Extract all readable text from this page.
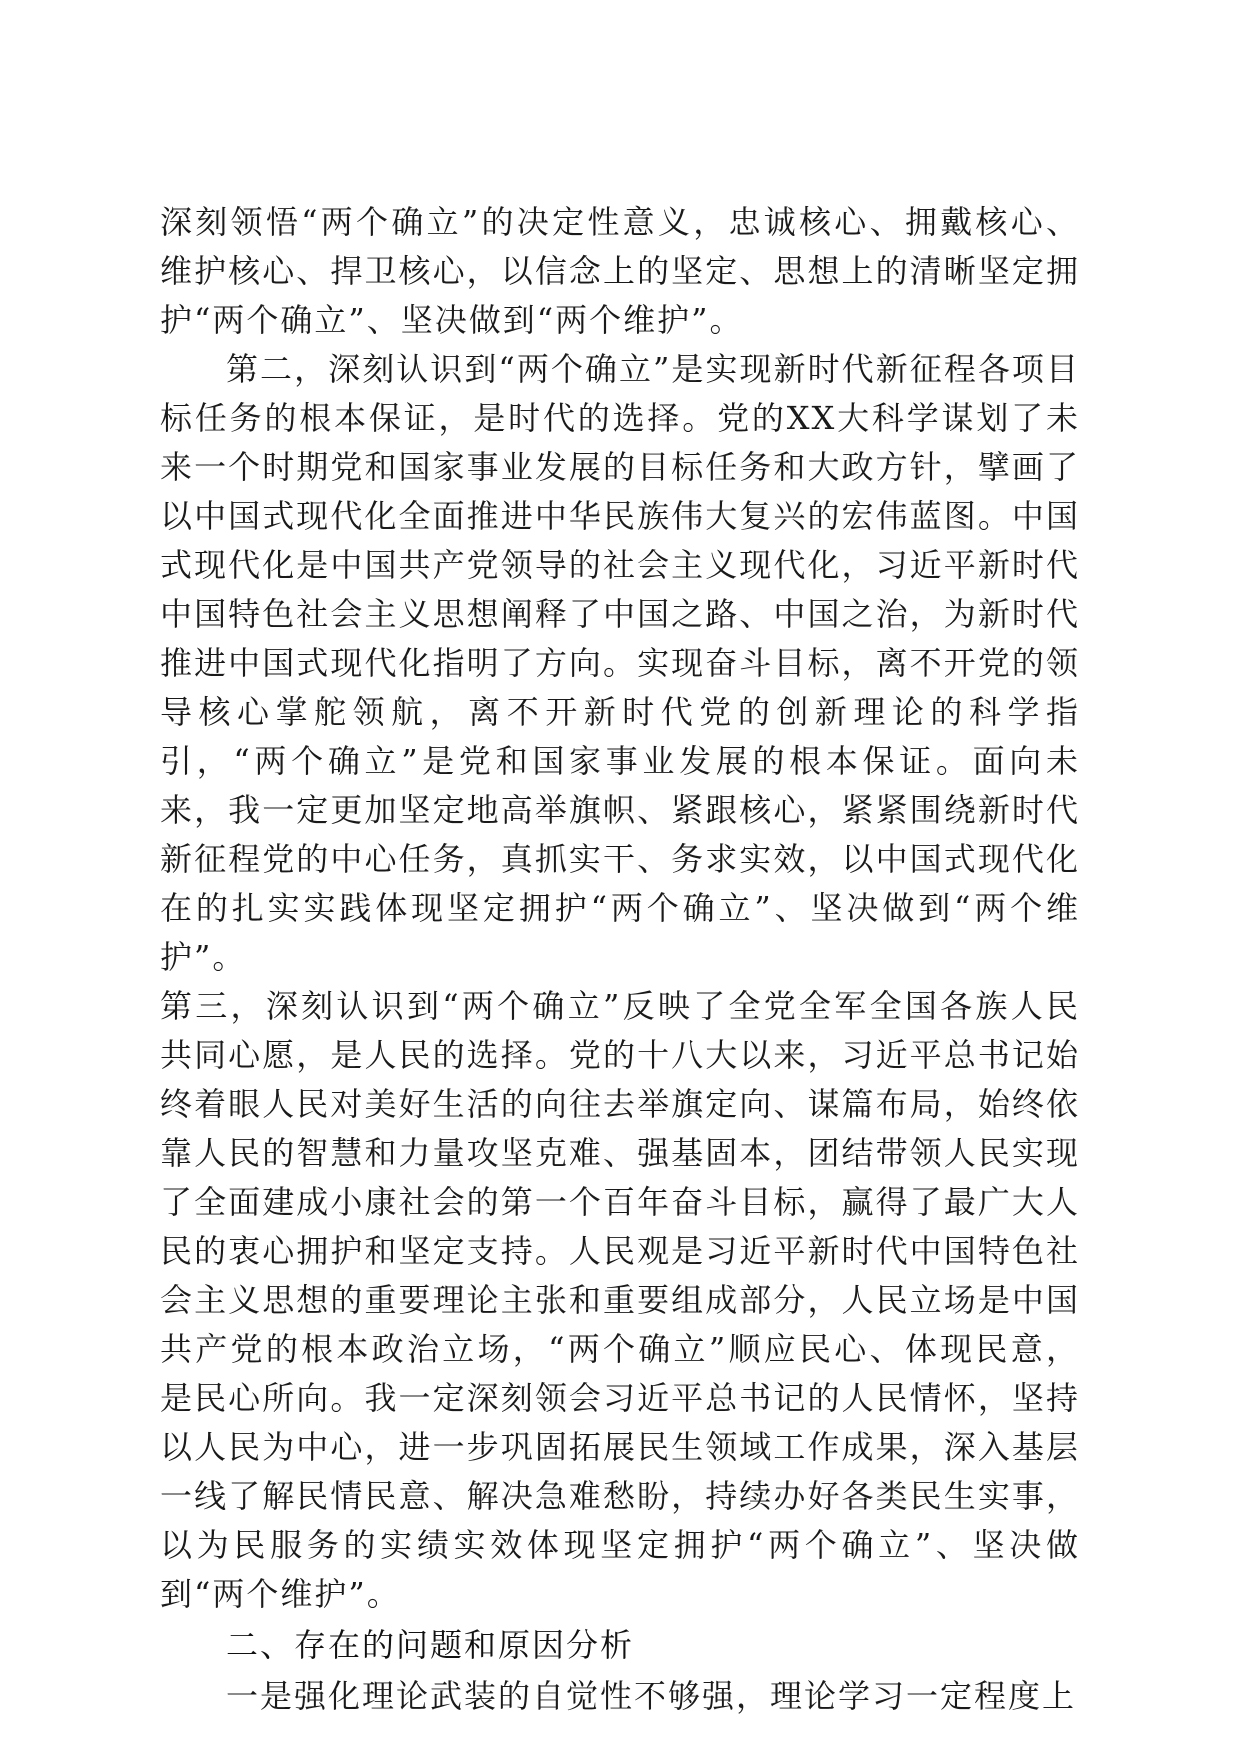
深刻领悟“两个确立”的决定性意义，忠诚核心、拥戴核心、维护核心、捍卫核心，以信念上的坚定、思想上的清晰坚定拥护“两个确立”、坚决做到“两个维护”。

第二，深刻认识到“两个确立”是实现新时代新征程各项目标任务的根本保证，是时代的选择。党的XX大科学谋划了未来一个时期党和国家事业发展的目标任务和大政方针，擘画了以中国式现代化全面推进中华民族伟大复兴的宏伟蓝图。中国式现代化是中国共产党领导的社会主义现代化，习近平新时代中国特色社会主义思想阐释了中国之路、中国之治，为新时代推进中国式现代化指明了方向。实现奋斗目标，离不开党的领导核心掌舵领航，离不开新时代党的创新理论的科学指引，“两个确立”是党和国家事业发展的根本保证。面向未来，我一定更加坚定地高举旗帜、紧跟核心，紧紧围绕新时代新征程党的中心任务，真抓实干、务求实效，以中国式现代化在的扎实实践体现坚定拥护“两个确立”、坚决做到“两个维护”。

第三，深刻认识到“两个确立”反映了全党全军全国各族人民共同心愿，是人民的选择。党的十八大以来，习近平总书记始终着眼人民对美好生活的向往去举旗定向、谋篇布局，始终依靠人民的智慧和力量攻坚克难、强基固本，团结带领人民实现了全面建成小康社会的第一个百年奋斗目标，赢得了最广大人民的衷心拥护和坚定支持。人民观是习近平新时代中国特色社会主义思想的重要理论主张和重要组成部分，人民立场是中国共产党的根本政治立场，“两个确立”顺应民心、体现民意，是民心所向。我一定深刻领会习近平总书记的人民情怀，坚持以人民为中心，进一步巩固拓展民生领域工作成果，深入基层一线了解民情民意、解决急难愁盼，持续办好各类民生实事，以为民服务的实绩实效体现坚定拥护“两个确立”、坚决做到“两个维护”。

二、存在的问题和原因分析

一是强化理论武装的自觉性不够强，理论学习一定程度上
